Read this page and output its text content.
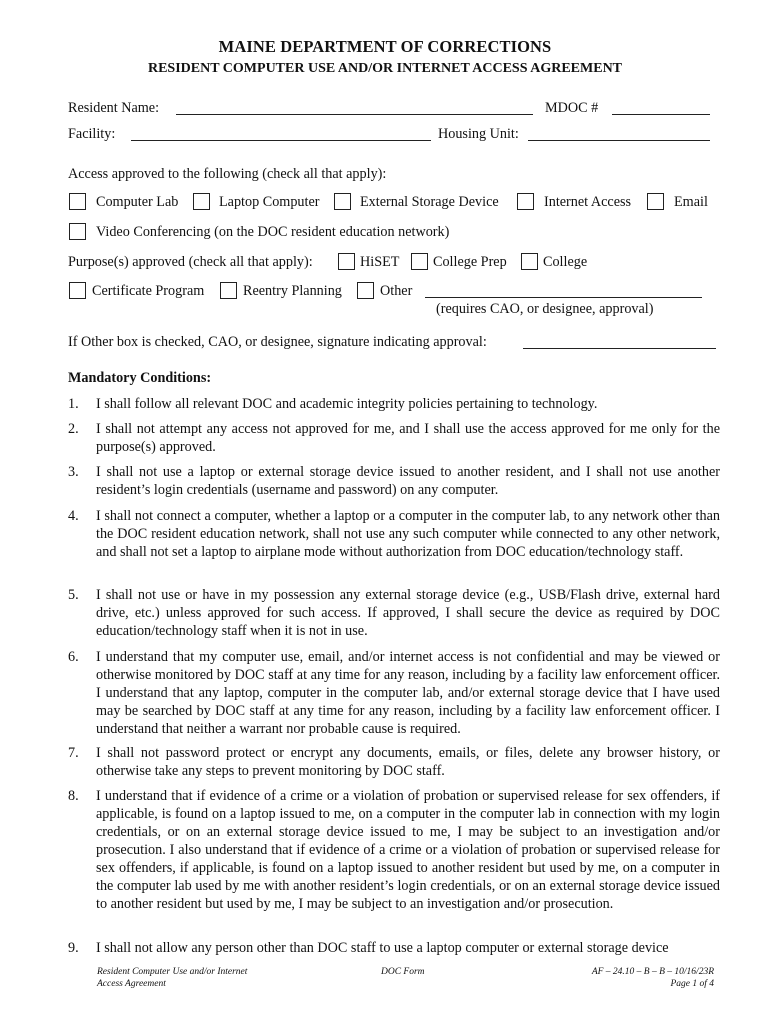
MAINE DEPARTMENT OF CORRECTIONS
RESIDENT COMPUTER USE AND/OR INTERNET ACCESS AGREEMENT
Resident Name:	MDOC #
Facility:	Housing Unit:
Access approved to the following (check all that apply):
Computer Lab	Laptop Computer	External Storage Device	Internet Access	Email
Video Conferencing (on the DOC resident education network)
Purpose(s) approved (check all that apply):	HiSET College Prep	College
Certificate Program	Reentry Planning	Other
(requires CAO, or designee, approval)
If Other box is checked, CAO, or designee, signature indicating approval:
Mandatory Conditions:
1.	I shall follow all relevant DOC and academic integrity policies pertaining to technology.
2.	I shall not attempt any access not approved for me, and I shall use the access approved for me only for the purpose(s) approved.
3.	I shall not use a laptop or external storage device issued to another resident, and I shall not use another resident’s login credentials (username and password) on any computer.
4.	I shall not connect a computer, whether a laptop or a computer in the computer lab, to any network other than the DOC resident education network, shall not use any such computer while connected to any other network, and shall not set a laptop to airplane mode without authorization from DOC education/technology staff.
5.	I shall not use or have in my possession any external storage device (e.g., USB/Flash drive, external hard drive, etc.) unless approved for such access. If approved, I shall secure the device as required by DOC education/technology staff when it is not in use.
6.	I understand that my computer use, email, and/or internet access is not confidential and may be viewed or otherwise monitored by DOC staff at any time for any reason, including by a facility law enforcement officer. I understand that any laptop, computer in the computer lab, and/or external storage device that I have used may be searched by DOC staff at any time for any reason, including by a facility law enforcement officer. I understand that neither a warrant nor probable cause is required.
7.	I shall not password protect or encrypt any documents, emails, or files, delete any browser history, or otherwise take any steps to prevent monitoring by DOC staff.
8.	I understand that if evidence of a crime or a violation of probation or supervised release for sex offenders, if applicable, is found on a laptop issued to me, on a computer in the computer lab in connection with my login credentials, or on an external storage device issued to me, I may be subject to an investigation and/or prosecution. I also understand that if evidence of a crime or a violation of probation or supervised release for sex offenders, if applicable, is found on a laptop issued to another resident but used by me, on a computer in the computer lab used by me with another resident’s login credentials, or on an external storage device issued to another resident but used by me, I may be subject to an investigation and/or prosecution.
9.	I shall not allow any person other than DOC staff to use a laptop computer or external storage device
Resident Computer Use and/or Internet
Access Agreement
DOC Form	AF – 24.10 – B – B – 10/16/23R
Page 1 of 4
